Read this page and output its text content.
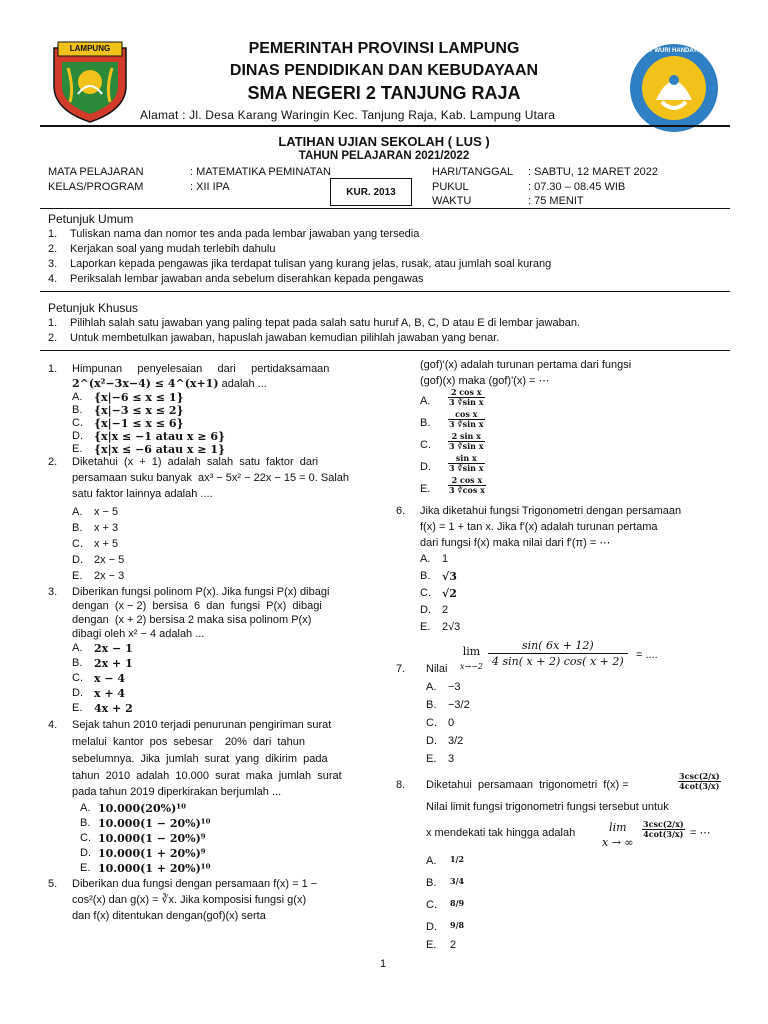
LAMPUNG	TUT WURI HANDAYANI
PEMERINTAH PROVINSI LAMPUNG
DINAS PENDIDIKAN DAN KEBUDAYAAN
SMA NEGERI 2 TANJUNG RAJA
Alamat : Jl. Desa Karang Waringin Kec. Tanjung Raja, Kab. Lampung Utara
LATIHAN UJIAN SEKOLAH ( LUS )
TAHUN PELAJARAN 2021/2022
MATA PELAJARAN	: MATEMATIKA PEMINATAN
KELAS/PROGRAM	: XII IPA	KUR. 2013
HARI/TANGGAL : SABTU, 12 MARET 2022
PUKUL	: 07.30 – 08.45 WIB
WAKTU	: 75 MENIT
Petunjuk Umum
1. Tuliskan nama dan nomor tes anda pada lembar jawaban yang tersedia
2. Kerjakan soal yang mudah terlebih dahulu
3. Laporkan kepada pengawas jika terdapat tulisan yang kurang jelas, rusak, atau jumlah soal kurang
4. Periksalah lembar jawaban anda sebelum diserahkan kepada pengawas
Petunjuk Khusus
1. Pilihlah salah satu jawaban yang paling tepat pada salah satu huruf A, B, C, D atau E di lembar jawaban.
2. Untuk membetulkan jawaban, hapuslah jawaban kemudian pilihlah jawaban yang benar.
1. Himpunan     penyelesaian     dari     pertidaksamaan
2^(x²−3x−4) ≤ 4^(x+1) adalah ...
A. {x|−6 ≤ x ≤ 1}
B. {x|−3 ≤ x ≤ 2}
C. {x|−1 ≤ x ≤ 6}
D. {x|x ≤ −1 atau x ≥ 6}
E. {x|x ≤ −6 atau x ≥ 1}
2. Diketahui  (x  +  1)  adalah  salah  satu  faktor  dari
persamaan suku banyak  ax³ − 5x² − 22x − 15 = 0. Salah
satu faktor lainnya adalah ....
A. x − 5
B. x + 3
C. x + 5
D. 2x − 5
E. 2x − 3
3. Diberikan fungsi polinom P(x). Jika fungsi P(x) dibagi
dengan  (x − 2)  bersisa  6  dan  fungsi  P(x)  dibagi
dengan  (x + 2) bersisa 2 maka sisa polinom P(x)
dibagi oleh x² − 4 adalah ...
A. 2x − 1
B. 2x + 1
C. x − 4
D. x + 4
E. 4x + 2
4. Sejak tahun 2010 terjadi penurunan pengiriman surat
melalui  kantor  pos  sebesar    20%  dari  tahun
sebelumnya.  Jika  jumlah  surat  yang  dikirim  pada
tahun  2010  adalah  10.000  surat  maka  jumlah  surat
pada tahun 2019 diperkirakan berjumlah ...
A. 10.000(20%)¹⁰
B. 10.000(1 − 20%)¹⁰
C. 10.000(1 − 20%)⁹
D. 10.000(1 + 20%)⁹
E. 10.000(1 + 20%)¹⁰
5. Diberikan dua fungsi dengan persamaan f(x) = 1 −
cos²(x) dan g(x) = ∛x. Jika komposisi fungsi g(x)
dan f(x) ditentukan dengan(gof)(x) serta
(gof)'(x) adalah turunan pertama dari fungsi
(gof)(x) maka (gof)'(x) = ⋯
A. $\frac{\text{2 cos x}}{\text{3 ∛sin x}}$
B. $\frac{\text{cos x}}{\text{3 ∛sin x}}$
C. $\frac{\text{2 sin x}}{\text{3 ∛sin x}}$
D. $\frac{\text{sin x}}{\text{3 ∛sin x}}$
E. $\frac{\text{2 cos x}}{\text{3 ∛cos x}}$
6. Jika diketahui fungsi Trigonometri dengan persamaan
f(x) = 1 + tan x. Jika f'(x) adalah turunan pertama
dari fungsi f(x) maka nilai dari f'(π) = ⋯
A. 1
B. √3
C. √2
D. 2
E. 2√3
7. Nilai
lim
x→−2
sin( 6x + 12)
4 sin( x + 2) cos( x + 2)	= ....
A. −3
B. −3/2
C. 0
D. 3/2
E. 3
8. Diketahui  persamaan  trigonometri  f(x) =	$\frac{3\csc(2/x)}{4\cot(3/x)}$
Nilai limit fungsi trigonometri fungsi tersebut untuk
x mendekati tak hingga adalah	lim
x → ∞
$\frac{3\csc(2/x)}{4\cot(3/x)}$ = ⋯
A. 1/2
B. 3/4
C. 8/9
D. 9/8
E. 2
1
